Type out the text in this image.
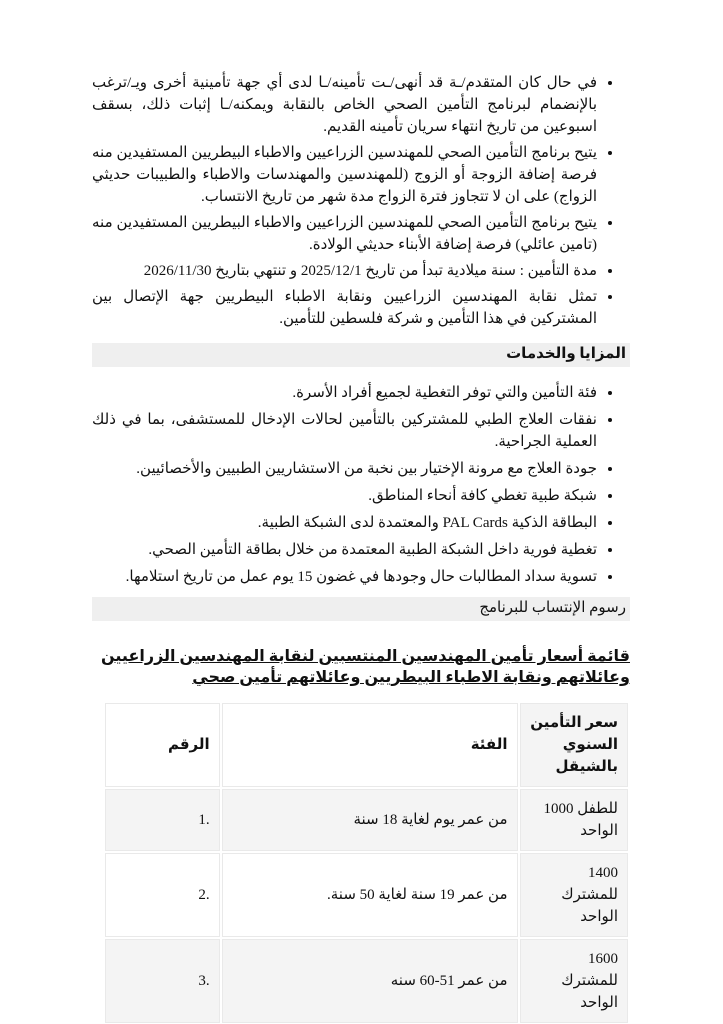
• في حال كان المتقدم/ـة قد أنهى/ـت تأمينه/ـا لدى أي جهة تأمينية أخرى ويـ/ترغب بالإنضمام لبرنامج التأمين الصحي الخاص بالنقابة ويمكنه/ـا إثبات ذلك، بسقف اسبوعين من تاريخ انتهاء سريان تأمينه القديم.
• يتيح برنامج التأمين الصحي للمهندسين الزراعيين والاطباء البيطريين المستفيدين منه فرصة إضافة الزوجة أو الزوج (للمهندسين والمهندسات والاطباء والطبيبات حديثي الزواج) على ان لا تتجاوز فترة الزواج مدة شهر من تاريخ الانتساب.
• يتيح برنامج التأمين الصحي للمهندسين الزراعيين والاطباء البيطريين المستفيدين منه (تامين عائلي) فرصة إضافة الأبناء حديثي الولادة.
• مدة التأمين : سنة ميلادية تبدأ من تاريخ 2025/12/1 و تنتهي بتاريخ 2026/11/30
• تمثل نقابة المهندسين الزراعيين ونقابة الاطباء البيطريين جهة الإتصال بين المشتركين في هذا التأمين و شركة فلسطين للتأمين.
المزايا والخدمات
• فئة التأمين والتي توفر التغطية لجميع أفراد الأسرة.
• نفقات العلاج الطبي للمشتركين بالتأمين لحالات الإدخال للمستشفى، بما في ذلك العملية الجراحية.
• جودة العلاج مع مرونة الإختيار بين نخبة من الاستشاريين الطبيين والأخصائيين.
• شبكة طبية تغطي كافة أنحاء المناطق.
• البطاقة الذكية PAL Cards والمعتمدة لدى الشبكة الطبية.
• تغطية فورية داخل الشبكة الطبية المعتمدة من خلال بطاقة التأمين الصحي.
• تسوية سداد المطالبات حال وجودها في غضون 15 يوم عمل من تاريخ استلامها.
رسوم الإنتساب للبرنامج
قائمة أسعار تأمين المهندسين المنتسبين لنقابة المهندسين الزراعيين وعائلاتهم ونقابة الاطباء البيطريين وعائلاتهم تأمين صحي
سعر التأمين السنوي بالشيقل	الفئة	الرقم
1000 للطفل الواحد	من عمر يوم لغاية 18 سنة	1.
1400 للمشترك الواحد	من عمر 19 سنة لغاية 50 سنة.	2.
1600 للمشترك الواحد	من عمر 51-60 سنه	3.
